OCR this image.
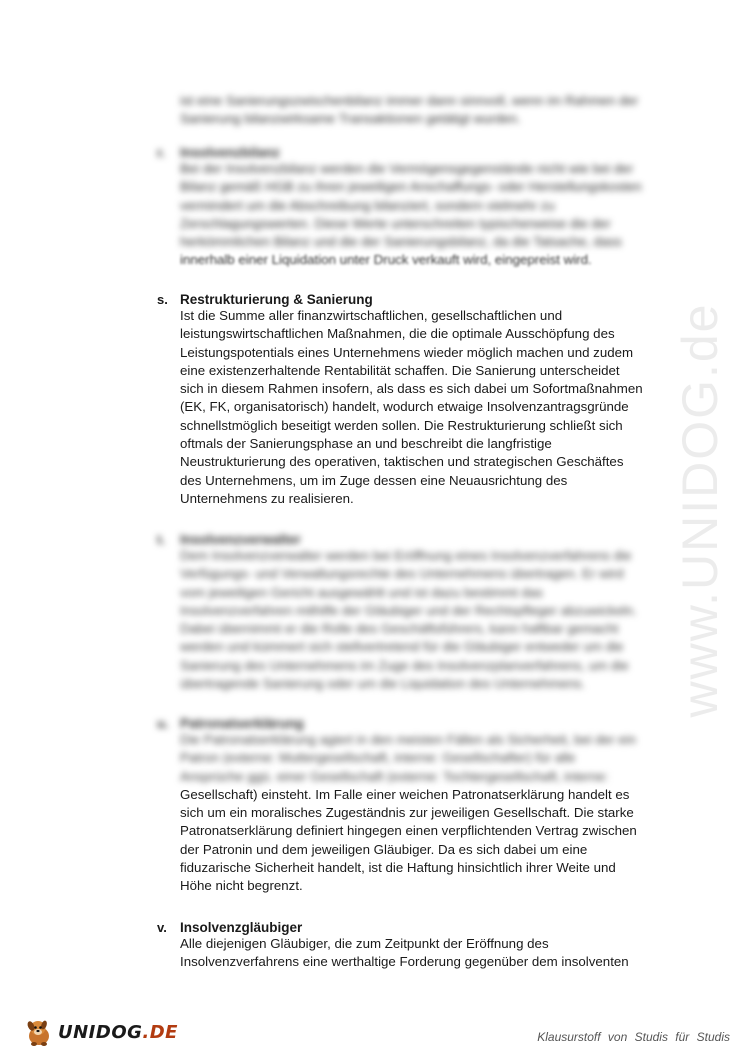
www.UNIDOG.de
ist eine Sanierungszwischenbilanz immer dann sinnvoll, wenn im Rahmen der
Sanierung bilanzwirksame Transaktionen getätigt wurden.
r.	Insolvenzbilanz
Bei der Insolvenzbilanz werden die Vermögensgegenstände nicht wie bei der
Bilanz gemäß HGB zu ihren jeweiligen Anschaffungs- oder Herstellungskosten
vermindert um die Abschreibung bilanziert, sondern vielmehr zu
Zerschlagungswerten. Diese Werte unterschreiten typischerweise die der
herkömmlichen Bilanz und die der Sanierungsbilanz, da die Tatsache, dass
innerhalb einer Liquidation unter Druck verkauft wird, eingepreist wird.
s. Restrukturierung & Sanierung
Ist die Summe aller finanzwirtschaftlichen, gesellschaftlichen und
leistungswirtschaftlichen Maßnahmen, die die optimale Ausschöpfung des
Leistungspotentials eines Unternehmens wieder möglich machen und zudem
eine existenzerhaltende Rentabilität schaffen. Die Sanierung unterscheidet
sich in diesem Rahmen insofern, als dass es sich dabei um Sofortmaßnahmen
(EK, FK, organisatorisch) handelt, wodurch etwaige Insolvenzantragsgründe
schnellstmöglich beseitigt werden sollen. Die Restrukturierung schließt sich
oftmals der Sanierungsphase an und beschreibt die langfristige
Neustrukturierung des operativen, taktischen und strategischen Geschäftes
des Unternehmens, um im Zuge dessen eine Neuausrichtung des
Unternehmens zu realisieren.
t.	Insolvenzverwalter
Dem Insolvenzverwalter werden bei Eröffnung eines Insolvenzverfahrens die
Verfügungs- und Verwaltungsrechte des Unternehmens übertragen. Er wird
vom jeweiligen Gericht ausgewählt und ist dazu bestimmt das
Insolvenzverfahren mithilfe der Gläubiger und der Rechtspfleger abzuwickeln.
Dabei übernimmt er die Rolle des Geschäftsführers, kann haftbar gemacht
werden und kümmert sich stellvertretend für die Gläubiger entweder um die
Sanierung des Unternehmens im Zuge des Insolvenzplanverfahrens, um die
übertragende Sanierung oder um die Liquidation des Unternehmens.
u. Patronatserklärung
Die Patronatserklärung agiert in den meisten Fällen als Sicherheit, bei der ein
Patron (externe: Muttergesellschaft, interne: Gesellschafter) für alle
Ansprüche ggü. einer Gesellschaft (externe: Tochtergesellschaft, interne:
Gesellschaft) einsteht. Im Falle einer weichen Patronatserklärung handelt es
sich um ein moralisches Zugeständnis zur jeweiligen Gesellschaft. Die starke
Patronatserklärung definiert hingegen einen verpflichtenden Vertrag zwischen
der Patronin und dem jeweiligen Gläubiger. Da es sich dabei um eine
fiduzarische Sicherheit handelt, ist die Haftung hinsichtlich ihrer Weite und
Höhe nicht begrenzt.
v. Insolvenzgläubiger
Alle diejenigen Gläubiger, die zum Zeitpunkt der Eröffnung des
Insolvenzverfahrens eine werthaltige Forderung gegenüber dem insolventen
UNIDOG.DE	Klausurstoff von Studis für Studis
